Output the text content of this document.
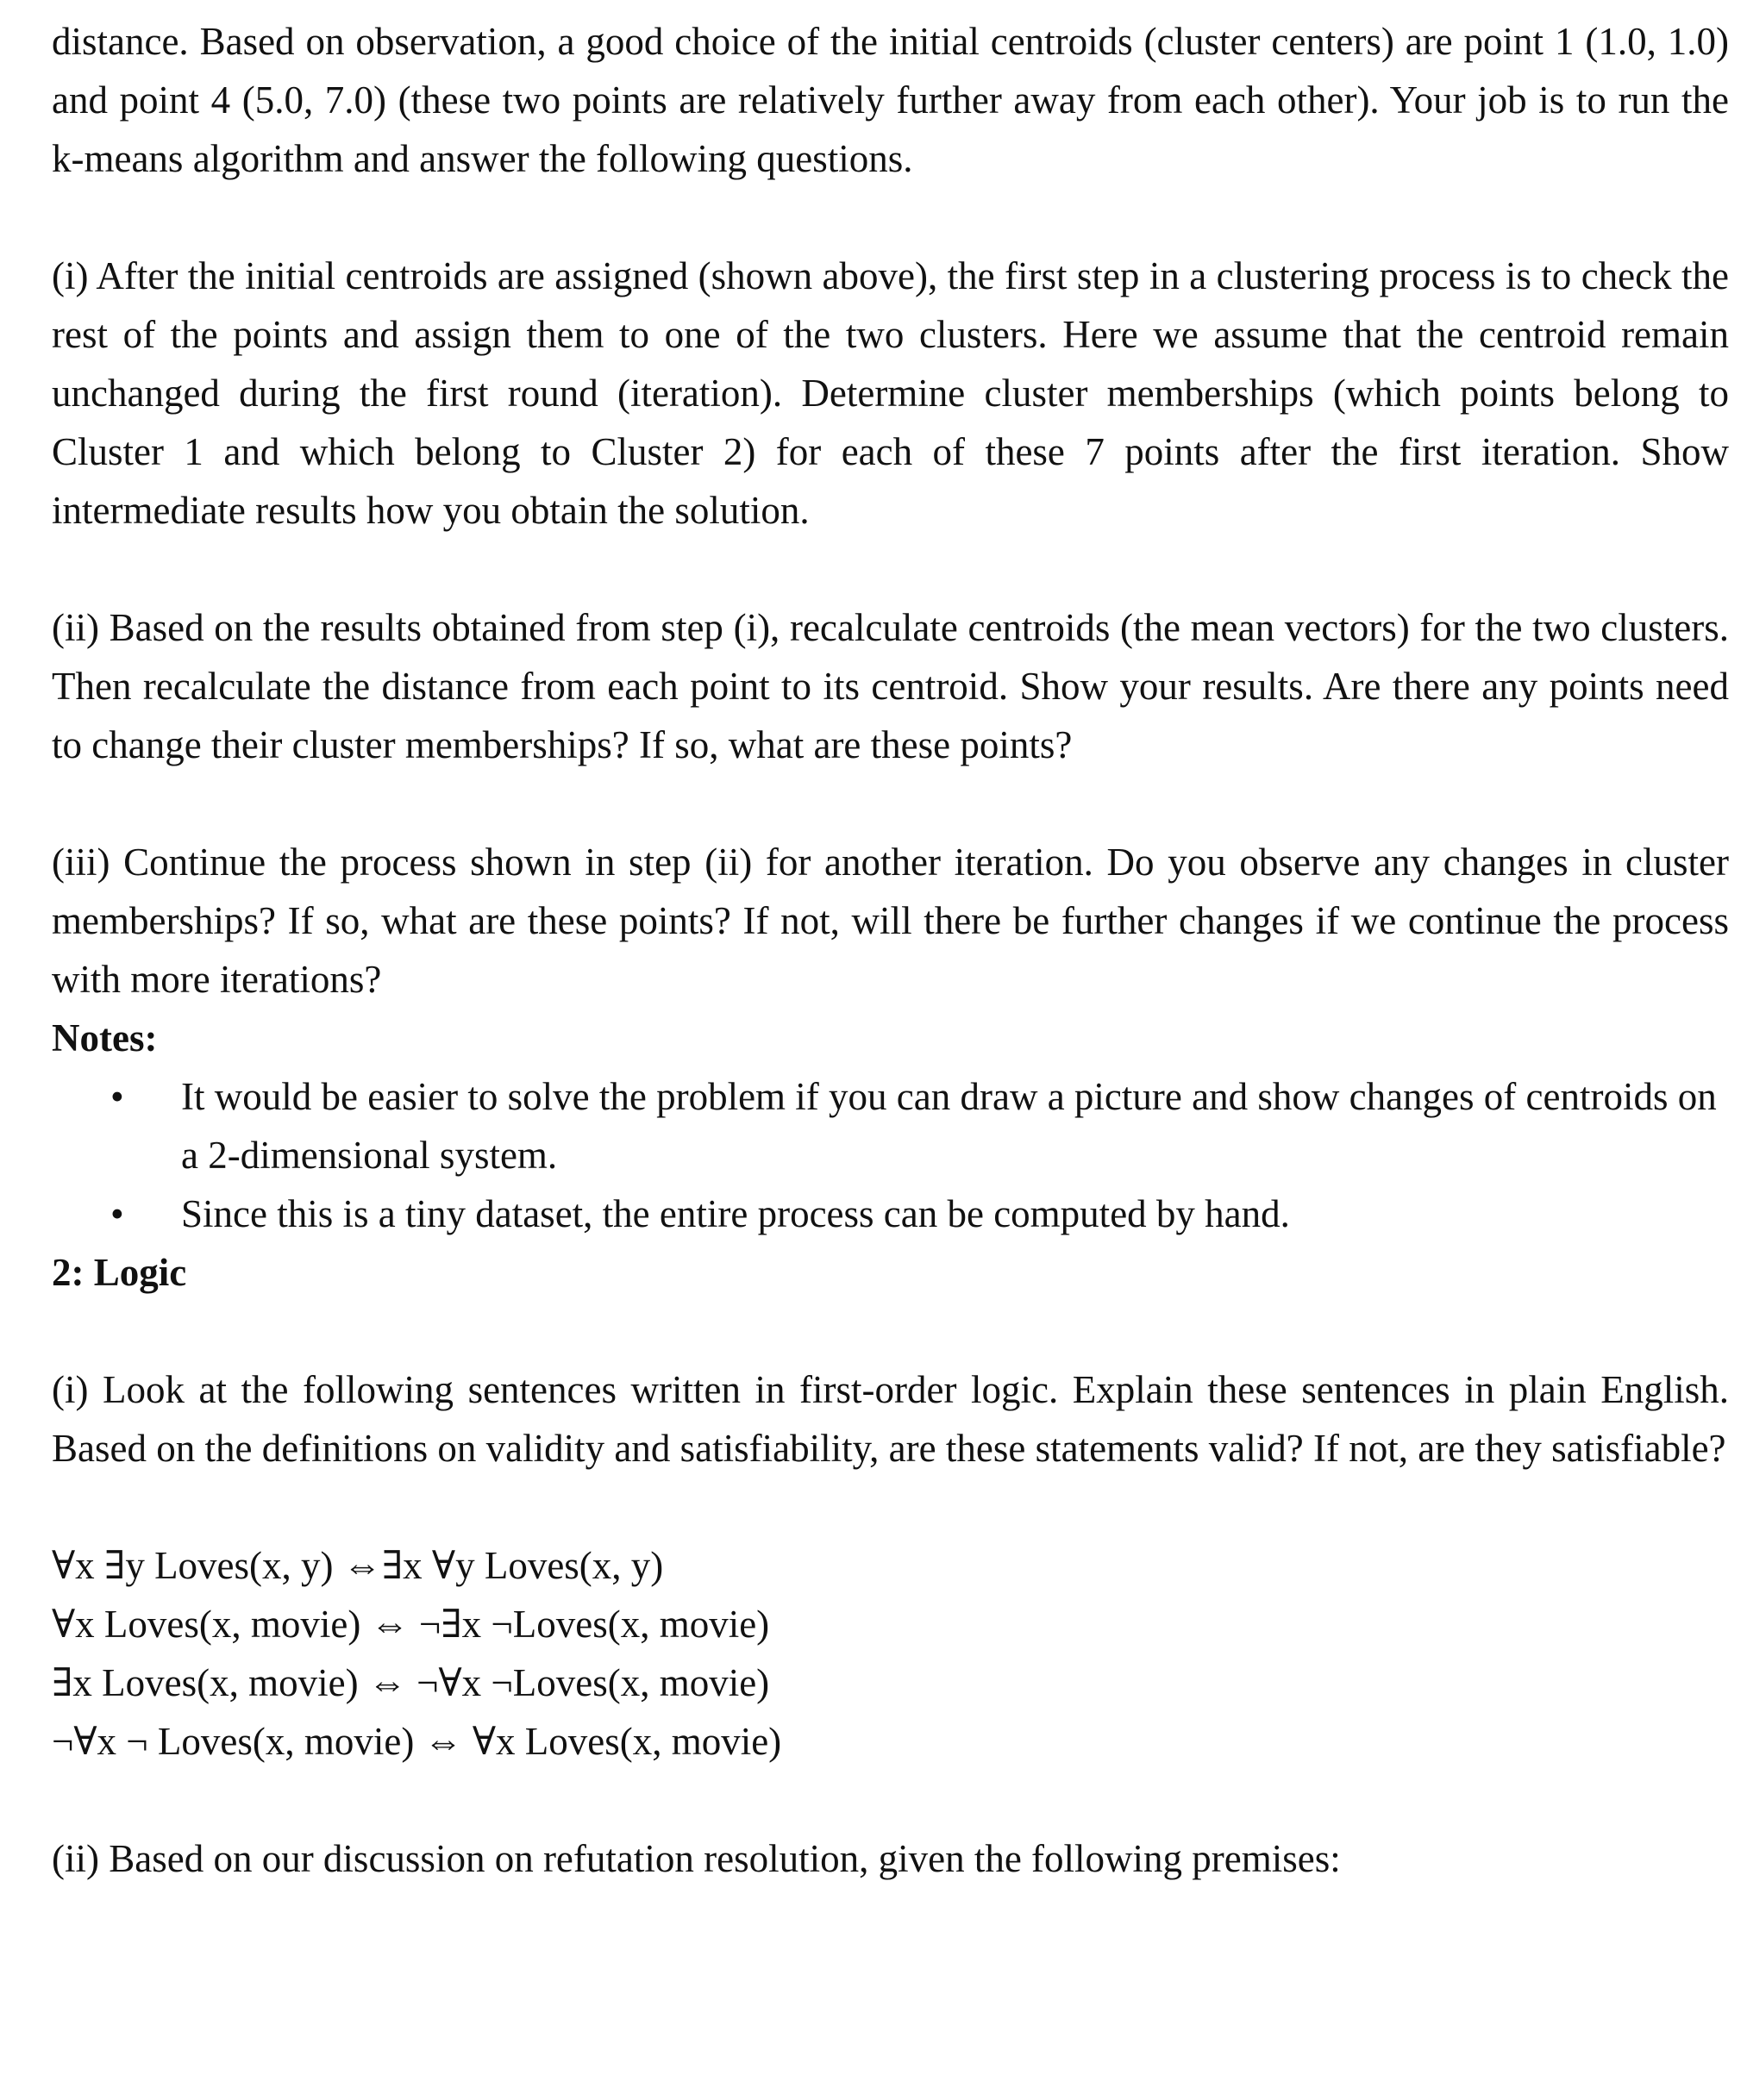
distance. Based on observation, a good choice of the initial centroids (cluster centers) are point 1 (1.0, 1.0) and point 4 (5.0, 7.0) (these two points are relatively further away from each other). Your job is to run the k-means algorithm and answer the following questions.

(i) After the initial centroids are assigned (shown above), the first step in a clustering process is to check the rest of the points and assign them to one of the two clusters. Here we assume that the centroid remain unchanged during the first round (iteration). Determine cluster memberships (which points belong to Cluster 1 and which belong to Cluster 2) for each of these 7 points after the first iteration. Show intermediate results how you obtain the solution.

(ii) Based on the results obtained from step (i), recalculate centroids (the mean vectors) for the two clusters. Then recalculate the distance from each point to its centroid. Show your results. Are there any points need to change their cluster memberships? If so, what are these points?

(iii) Continue the process shown in step (ii) for another iteration. Do you observe any changes in cluster memberships? If so, what are these points? If not, will there be further changes if we continue the process with more iterations?

Notes:

• It would be easier to solve the problem if you can draw a picture and show changes of centroids on a 2-dimensional system.
• Since this is a tiny dataset, the entire process can be computed by hand.

2: Logic

(i) Look at the following sentences written in first-order logic. Explain these sentences in plain English. Based on the definitions on validity and satisfiability, are these statements valid? If not, are they satisfiable?

∀x ∃y Loves(x, y) ⇔∃x ∀y Loves(x, y)

∀x Loves(x, movie) ⇔ ¬∃x ¬Loves(x, movie)

∃x Loves(x, movie) ⇔ ¬∀x ¬Loves(x, movie)

¬∀x ¬ Loves(x, movie) ⇔ ∀x Loves(x, movie)

(ii) Based on our discussion on refutation resolution, given the following premises:
